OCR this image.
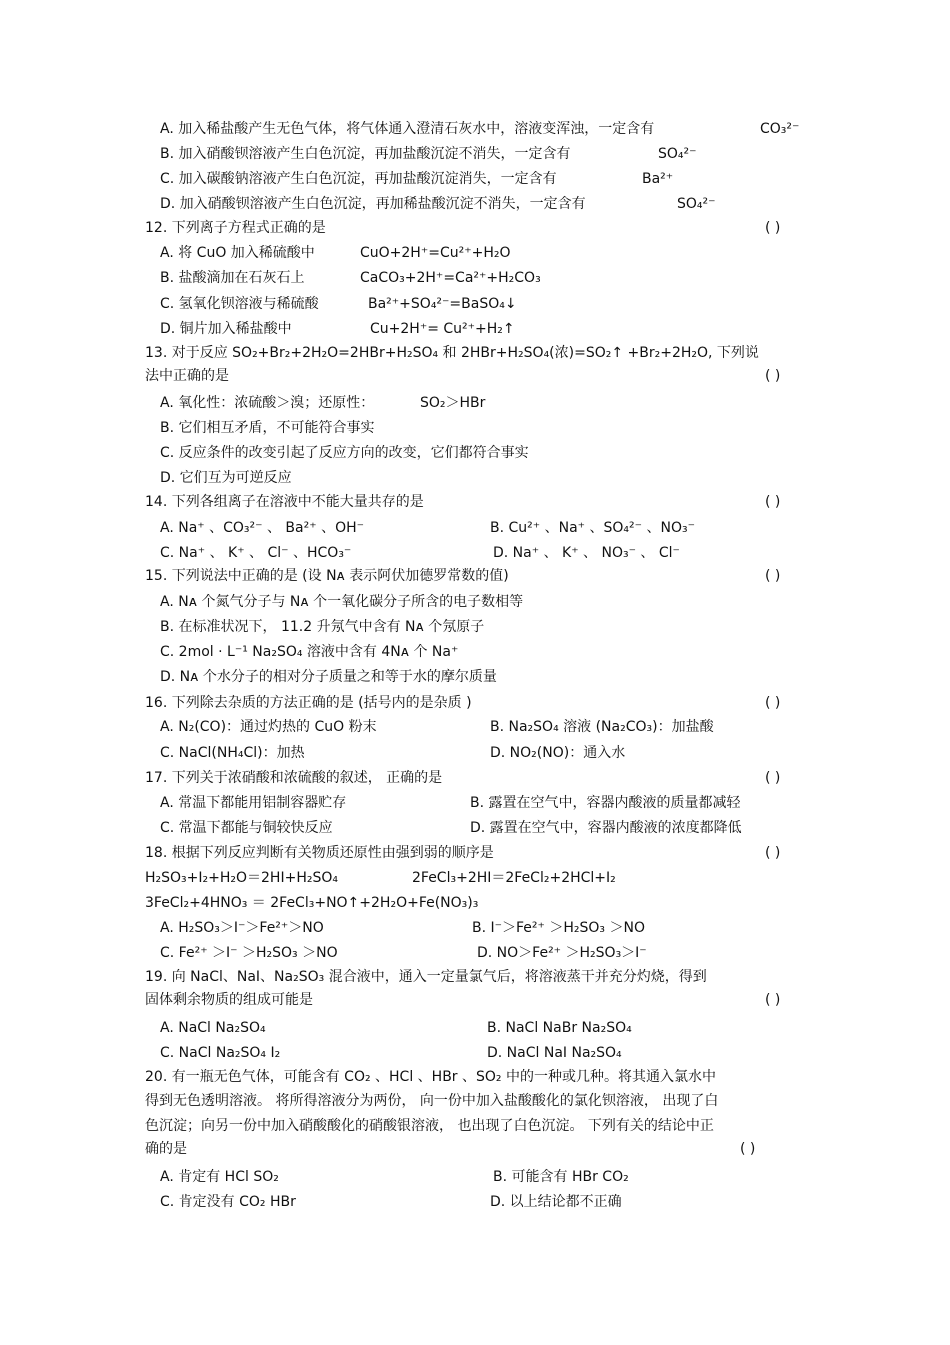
A. 加入稀盐酸产生无色气体，将气体通入澄清石灰水中，溶液变浑浊，一定含有	CO₃²⁻
B. 加入硝酸钡溶液产生白色沉淀，再加盐酸沉淀不消失，一定含有	SO₄²⁻
C. 加入碳酸钠溶液产生白色沉淀，再加盐酸沉淀消失，一定含有	Ba²⁺
D. 加入硝酸钡溶液产生白色沉淀，再加稀盐酸沉淀不消失，一定含有	SO₄²⁻
12. 下列离子方程式正确的是	( )
A. 将 CuO 加入稀硫酸中	CuO+2H⁺=Cu²⁺+H₂O
B. 盐酸滴加在石灰石上	CaCO₃+2H⁺=Ca²⁺+H₂CO₃
C. 氢氧化钡溶液与稀硫酸	Ba²⁺+SO₄²⁻=BaSO₄↓
D. 铜片加入稀盐酸中	Cu+2H⁺= Cu²⁺+H₂↑
13. 对于反应 SO₂+Br₂+2H₂O=2HBr+H₂SO₄ 和 2HBr+H₂SO₄(浓)=SO₂↑ +Br₂+2H₂O, 下列说
法中正确的是	( )
A. 氧化性：浓硫酸＞溴；还原性：	SO₂＞HBr
B. 它们相互矛盾，不可能符合事实
C. 反应条件的改变引起了反应方向的改变，它们都符合事实
D. 它们互为可逆反应
14. 下列各组离子在溶液中不能大量共存的是	( )
A. Na⁺ 、CO₃²⁻ 、 Ba²⁺ 、OH⁻	B. Cu²⁺ 、Na⁺ 、SO₄²⁻ 、NO₃⁻
C. Na⁺ 、 K⁺ 、 Cl⁻ 、HCO₃⁻	D. Na⁺ 、 K⁺ 、 NO₃⁻ 、 Cl⁻
15. 下列说法中正确的是 (设 Nᴀ 表示阿伏加德罗常数的值)	( )
A. Nᴀ 个氮气分子与 Nᴀ 个一氧化碳分子所含的电子数相等
B. 在标准状况下， 11.2 升氖气中含有 Nᴀ 个氖原子
C. 2mol · L⁻¹ Na₂SO₄ 溶液中含有 4Nᴀ 个 Na⁺
D. Nᴀ 个水分子的相对分子质量之和等于水的摩尔质量
16. 下列除去杂质的方法正确的是 (括号内的是杂质 )	( )
A. N₂(CO)：通过灼热的 CuO 粉末	B. Na₂SO₄ 溶液 (Na₂CO₃)：加盐酸
C. NaCl(NH₄Cl)：加热	D. NO₂(NO)：通入水
17. 下列关于浓硝酸和浓硫酸的叙述， 正确的是	( )
A. 常温下都能用铝制容器贮存	B. 露置在空气中，容器内酸液的质量都减轻
C. 常温下都能与铜较快反应	D. 露置在空气中，容器内酸液的浓度都降低
18. 根据下列反应判断有关物质还原性由强到弱的顺序是	( )
H₂SO₃+I₂+H₂O＝2HI+H₂SO₄	2FeCl₃+2HI＝2FeCl₂+2HCl+I₂
3FeCl₂+4HNO₃ ＝ 2FeCl₃+NO↑+2H₂O+Fe(NO₃)₃
A. H₂SO₃＞I⁻＞Fe²⁺＞NO	B. I⁻＞Fe²⁺ ＞H₂SO₃ ＞NO
C. Fe²⁺ ＞I⁻ ＞H₂SO₃ ＞NO	D. NO＞Fe²⁺ ＞H₂SO₃＞I⁻
19. 向 NaCl、NaI、Na₂SO₃ 混合液中，通入一定量氯气后，将溶液蒸干并充分灼烧，得到
固体剩余物质的组成可能是	( )
A. NaCl Na₂SO₄	B. NaCl NaBr Na₂SO₄
C. NaCl Na₂SO₄ I₂	D. NaCl NaI Na₂SO₄
20. 有一瓶无色气体，可能含有 CO₂ 、HCl 、HBr 、SO₂ 中的一种或几种。将其通入氯水中
得到无色透明溶液。 将所得溶液分为两份， 向一份中加入盐酸酸化的氯化钡溶液， 出现了白
色沉淀；向另一份中加入硝酸酸化的硝酸银溶液， 也出现了白色沉淀。 下列有关的结论中正
确的是	( )
A. 肯定有 HCl SO₂	B. 可能含有 HBr CO₂
C. 肯定没有 CO₂ HBr	D. 以上结论都不正确
